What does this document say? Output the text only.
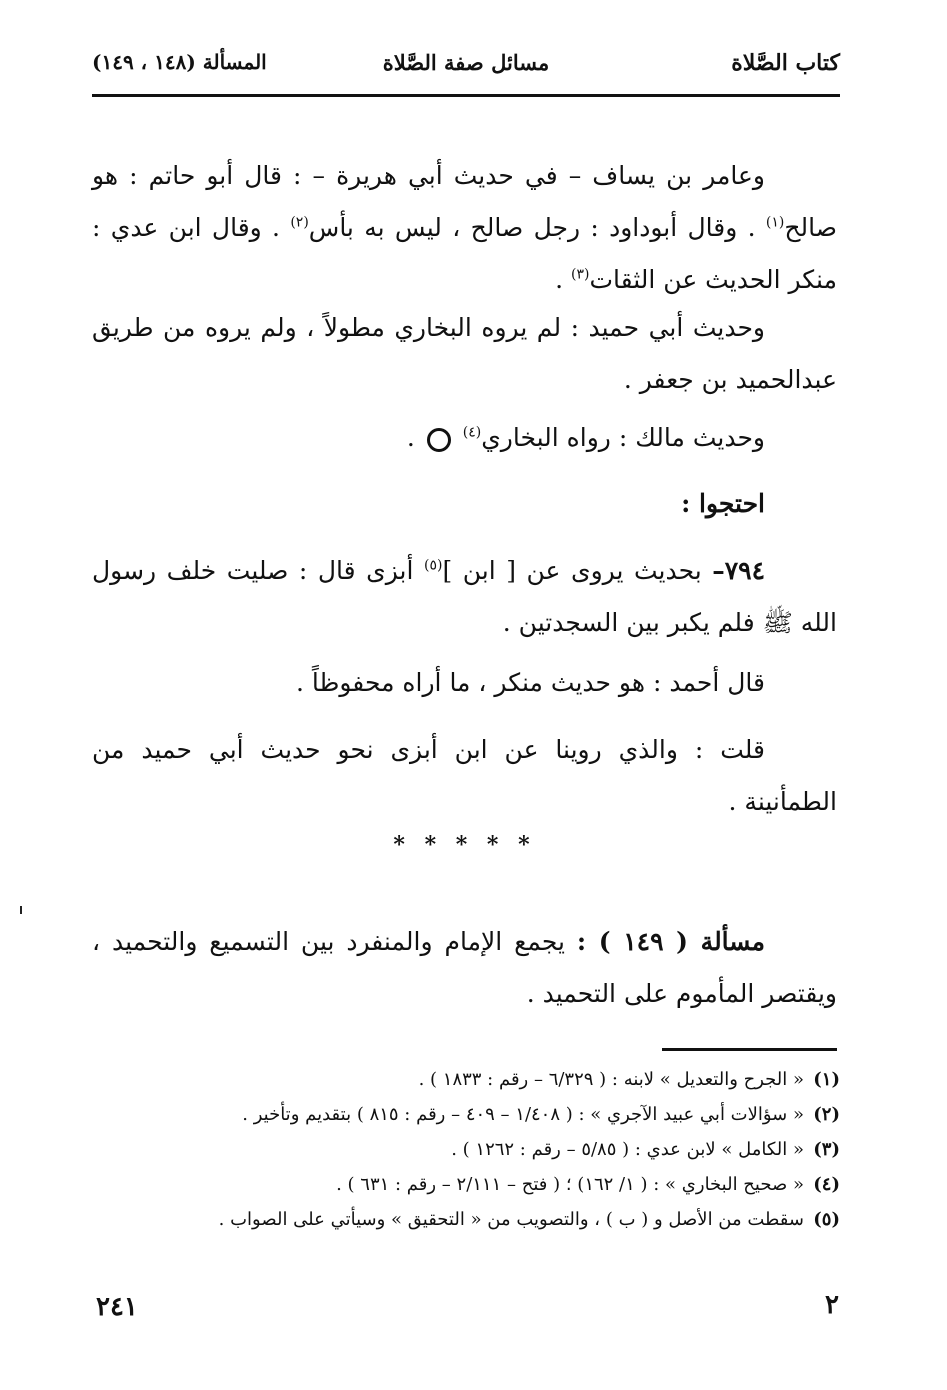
كتاب الصَّلاة
مسائل صفة الصَّلاة
المسألة (١٤٨ ، ١٤٩)
وعامر بن يساف – في حديث أبي هريرة – : قال أبو حاتم : هو صالح$^{(١)}$ . وقال أبوداود : رجل صالح ، ليس به بأس$^{(٢)}$ . وقال ابن عدي : منكر الحديث عن الثقات$^{(٣)}$ .
وحديث أبي حميد : لم يروه البخاري مطولاً ، ولم يروه من طريق عبدالحميد بن جعفر .
وحديث مالك : رواه البخاري$^{(٤)}$  .
احتجوا :
٧٩٤– بحديث يروى عن [ ابن ]$^{(٥)}$ أبزى قال : صليت خلف رسول الله ﷺ فلم يكبر بين السجدتين .
قال أحمد : هو حديث منكر ، ما أراه محفوظاً .
قلت : والذي روينا عن ابن أبزى نحو حديث أبي حميد من الطمأنينة .
* * * * *
مسألة ( ١٤٩ ) : يجمع الإمام والمنفرد بين التسميع والتحميد ، ويقتصر المأموم على التحميد .
(١)
« الجرح والتعديل » لابنه : ( ٦/٣٢٩ – رقم : ١٨٣٣ ) .
(٢)
« سؤالات أبي عبيد الآجري » : ( ١/٤٠٨ – ٤٠٩ – رقم : ٨١٥ ) بتقديم وتأخير .
(٣)
« الكامل » لابن عدي : ( ٥/٨٥ – رقم : ١٢٦٢ ) .
(٤)
« صحيح البخاري » : ( ١/ ١٦٢) ؛ ( فتح – ٢/١١١ – رقم : ٦٣١ ) .
(٥)
سقطت من الأصل و ( ب ) ، والتصويب من « التحقيق » وسيأتي على الصواب .
٢
٢٤١
